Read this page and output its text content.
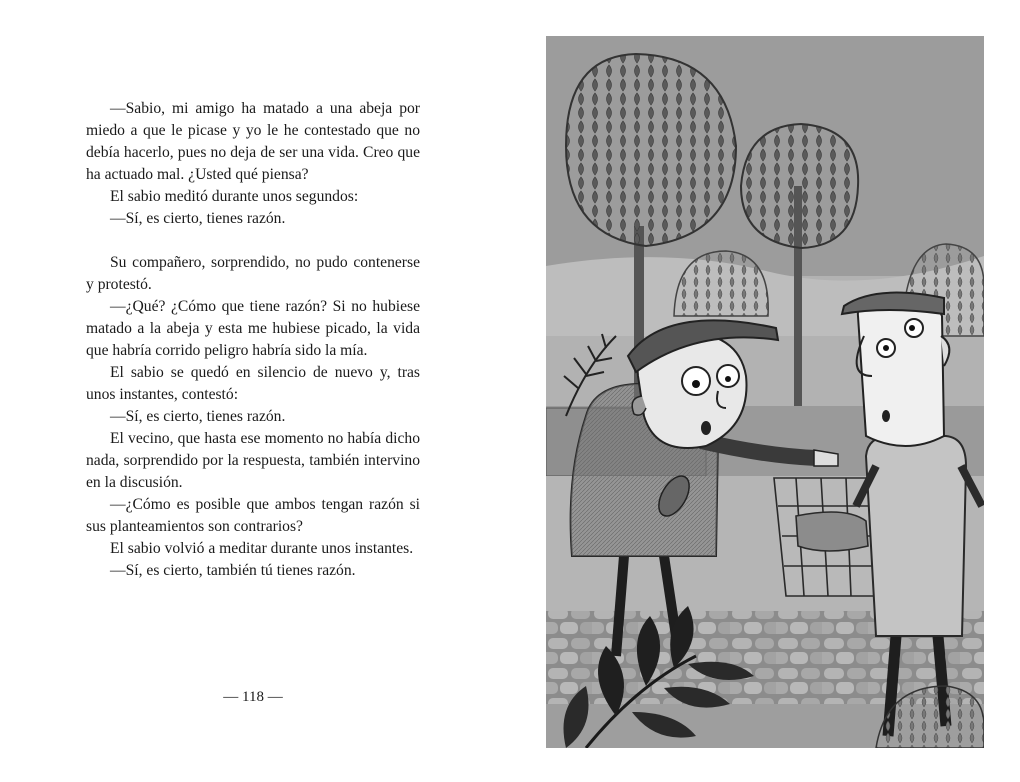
—Sabio, mi amigo ha matado a una abeja por miedo a que le picase y yo le he contestado que no debía hacerlo, pues no deja de ser una vida. Creo que ha actuado mal. ¿Usted qué piensa?

El sabio meditó durante unos segundos:

—Sí, es cierto, tienes razón.

Su compañero, sorprendido, no pudo contenerse y protestó.

—¿Qué? ¿Cómo que tiene razón? Si no hubiese matado a la abeja y esta me hubiese picado, la vida que habría corrido peligro habría sido la mía.

El sabio se quedó en silencio de nuevo y, tras unos instantes, contestó:

—Sí, es cierto, tienes razón.

El vecino, que hasta ese momento no había dicho nada, sorprendido por la respuesta, también intervino en la discusión.

—¿Cómo es posible que ambos tengan razón si sus planteamientos son contrarios?

El sabio volvió a meditar durante unos instantes.

—Sí, es cierto, también tú tienes razón.

— 118 —
